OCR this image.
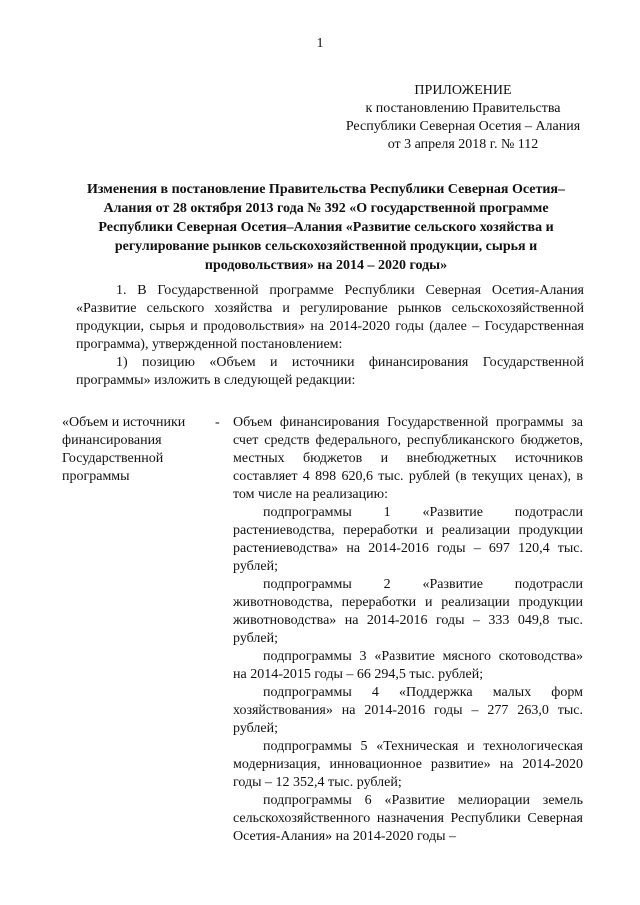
1
ПРИЛОЖЕНИЕ
к постановлению Правительства
Республики Северная Осетия – Алания
от 3 апреля 2018 г. № 112
Изменения в постановление Правительства Республики Северная Осетия–Алания от 28 октября 2013 года № 392 «О государственной программе Республики Северная Осетия–Алания «Развитие сельского хозяйства и регулирование рынков сельскохозяйственной продукции, сырья и продовольствия» на 2014 – 2020 годы»

1. В Государственной программе Республики Северная Осетия-Алания «Развитие сельского хозяйства и регулирование рынков сельскохозяйственной продукции, сырья и продовольствия» на 2014-2020 годы (далее – Государственная программа), утвержденной постановлением:

1) позицию «Объем и источники финансирования Государственной программы» изложить в следующей редакции:

«Объем и источники финансирования Государственной программы
- Объем финансирования Государственной программы за счет средств федерального, республиканского бюджетов, местных бюджетов и внебюджетных источников составляет 4 898 620,6 тыс. рублей (в текущих ценах), в том числе на реализацию:

подпрограммы 1 «Развитие подотрасли растениеводства, переработки и реализации продукции растениеводства» на 2014-2016 годы – 697 120,4 тыс. рублей;

подпрограммы 2 «Развитие подотрасли животноводства, переработки и реализации продукции животноводства» на 2014-2016 годы – 333 049,8 тыс. рублей;

подпрограммы 3 «Развитие мясного скотоводства» на 2014-2015 годы – 66 294,5 тыс. рублей;

подпрограммы 4 «Поддержка малых форм хозяйствования» на 2014-2016 годы – 277 263,0 тыс. рублей;

подпрограммы 5 «Техническая и технологическая модернизация, инновационное развитие» на 2014-2020 годы – 12 352,4 тыс. рублей;

подпрограммы 6 «Развитие мелиорации земель сельскохозяйственного назначения Республики Северная Осетия-Алания» на 2014-2020 годы –
